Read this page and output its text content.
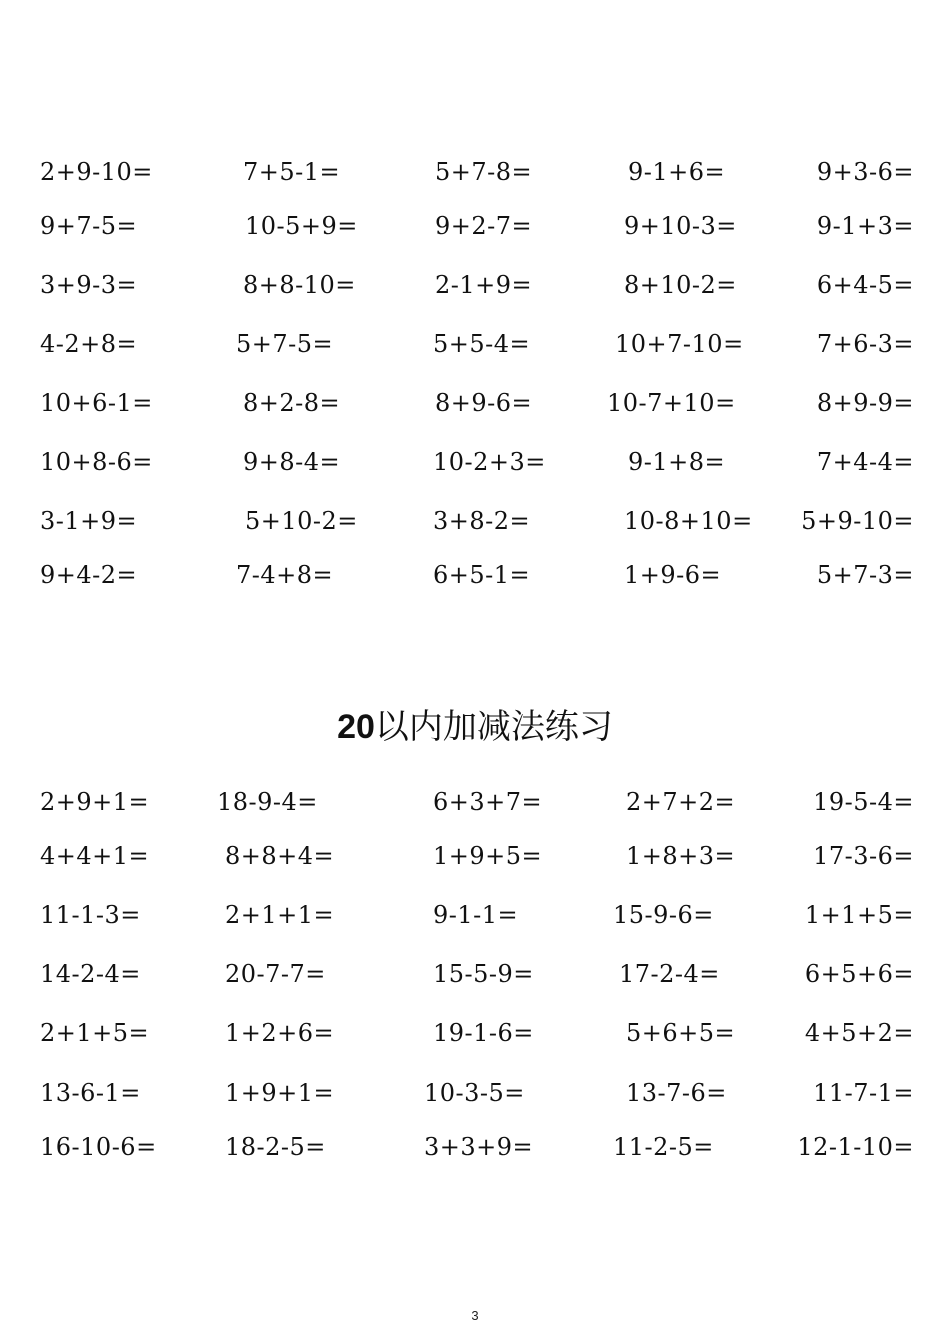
2+9-10=	7+5-1=	5+7-8=	9-1+6=	9+3-6=
9+7-5=	10-5+9=	9+2-7=	9+10-3=	9-1+3=
3+9-3=	8+8-10=	2-1+9=	8+10-2=	6+4-5=
4-2+8=	5+7-5=	5+5-4=	10+7-10=	7+6-3=
10+6-1=	8+2-8=	8+9-6=	10-7+10=	8+9-9=
10+8-6=	9+8-4=	10-2+3=	9-1+8=	7+4-4=
3-1+9=	5+10-2=	3+8-2=	10-8+10= 5+9-10=
9+4-2=	7-4+8=	6+5-1=	1+9-6=	5+7-3=
20以内加减法练习
2+9+1=	18-9-4=	6+3+7=	2+7+2=	19-5-4=
4+4+1=	8+8+4=	1+9+5=	1+8+3=	17-3-6=
11-1-3=	2+1+1=	9-1-1=	15-9-6=	1+1+5=
14-2-4=	20-7-7=	15-5-9=	17-2-4=	6+5+6=
2+1+5=	1+2+6=	19-1-6=	5+6+5=	4+5+2=
13-6-1=	1+9+1=	10-3-5=	13-7-6=	11-7-1=
16-10-6=	18-2-5=	3+3+9=	11-2-5=	12-1-10=
3
